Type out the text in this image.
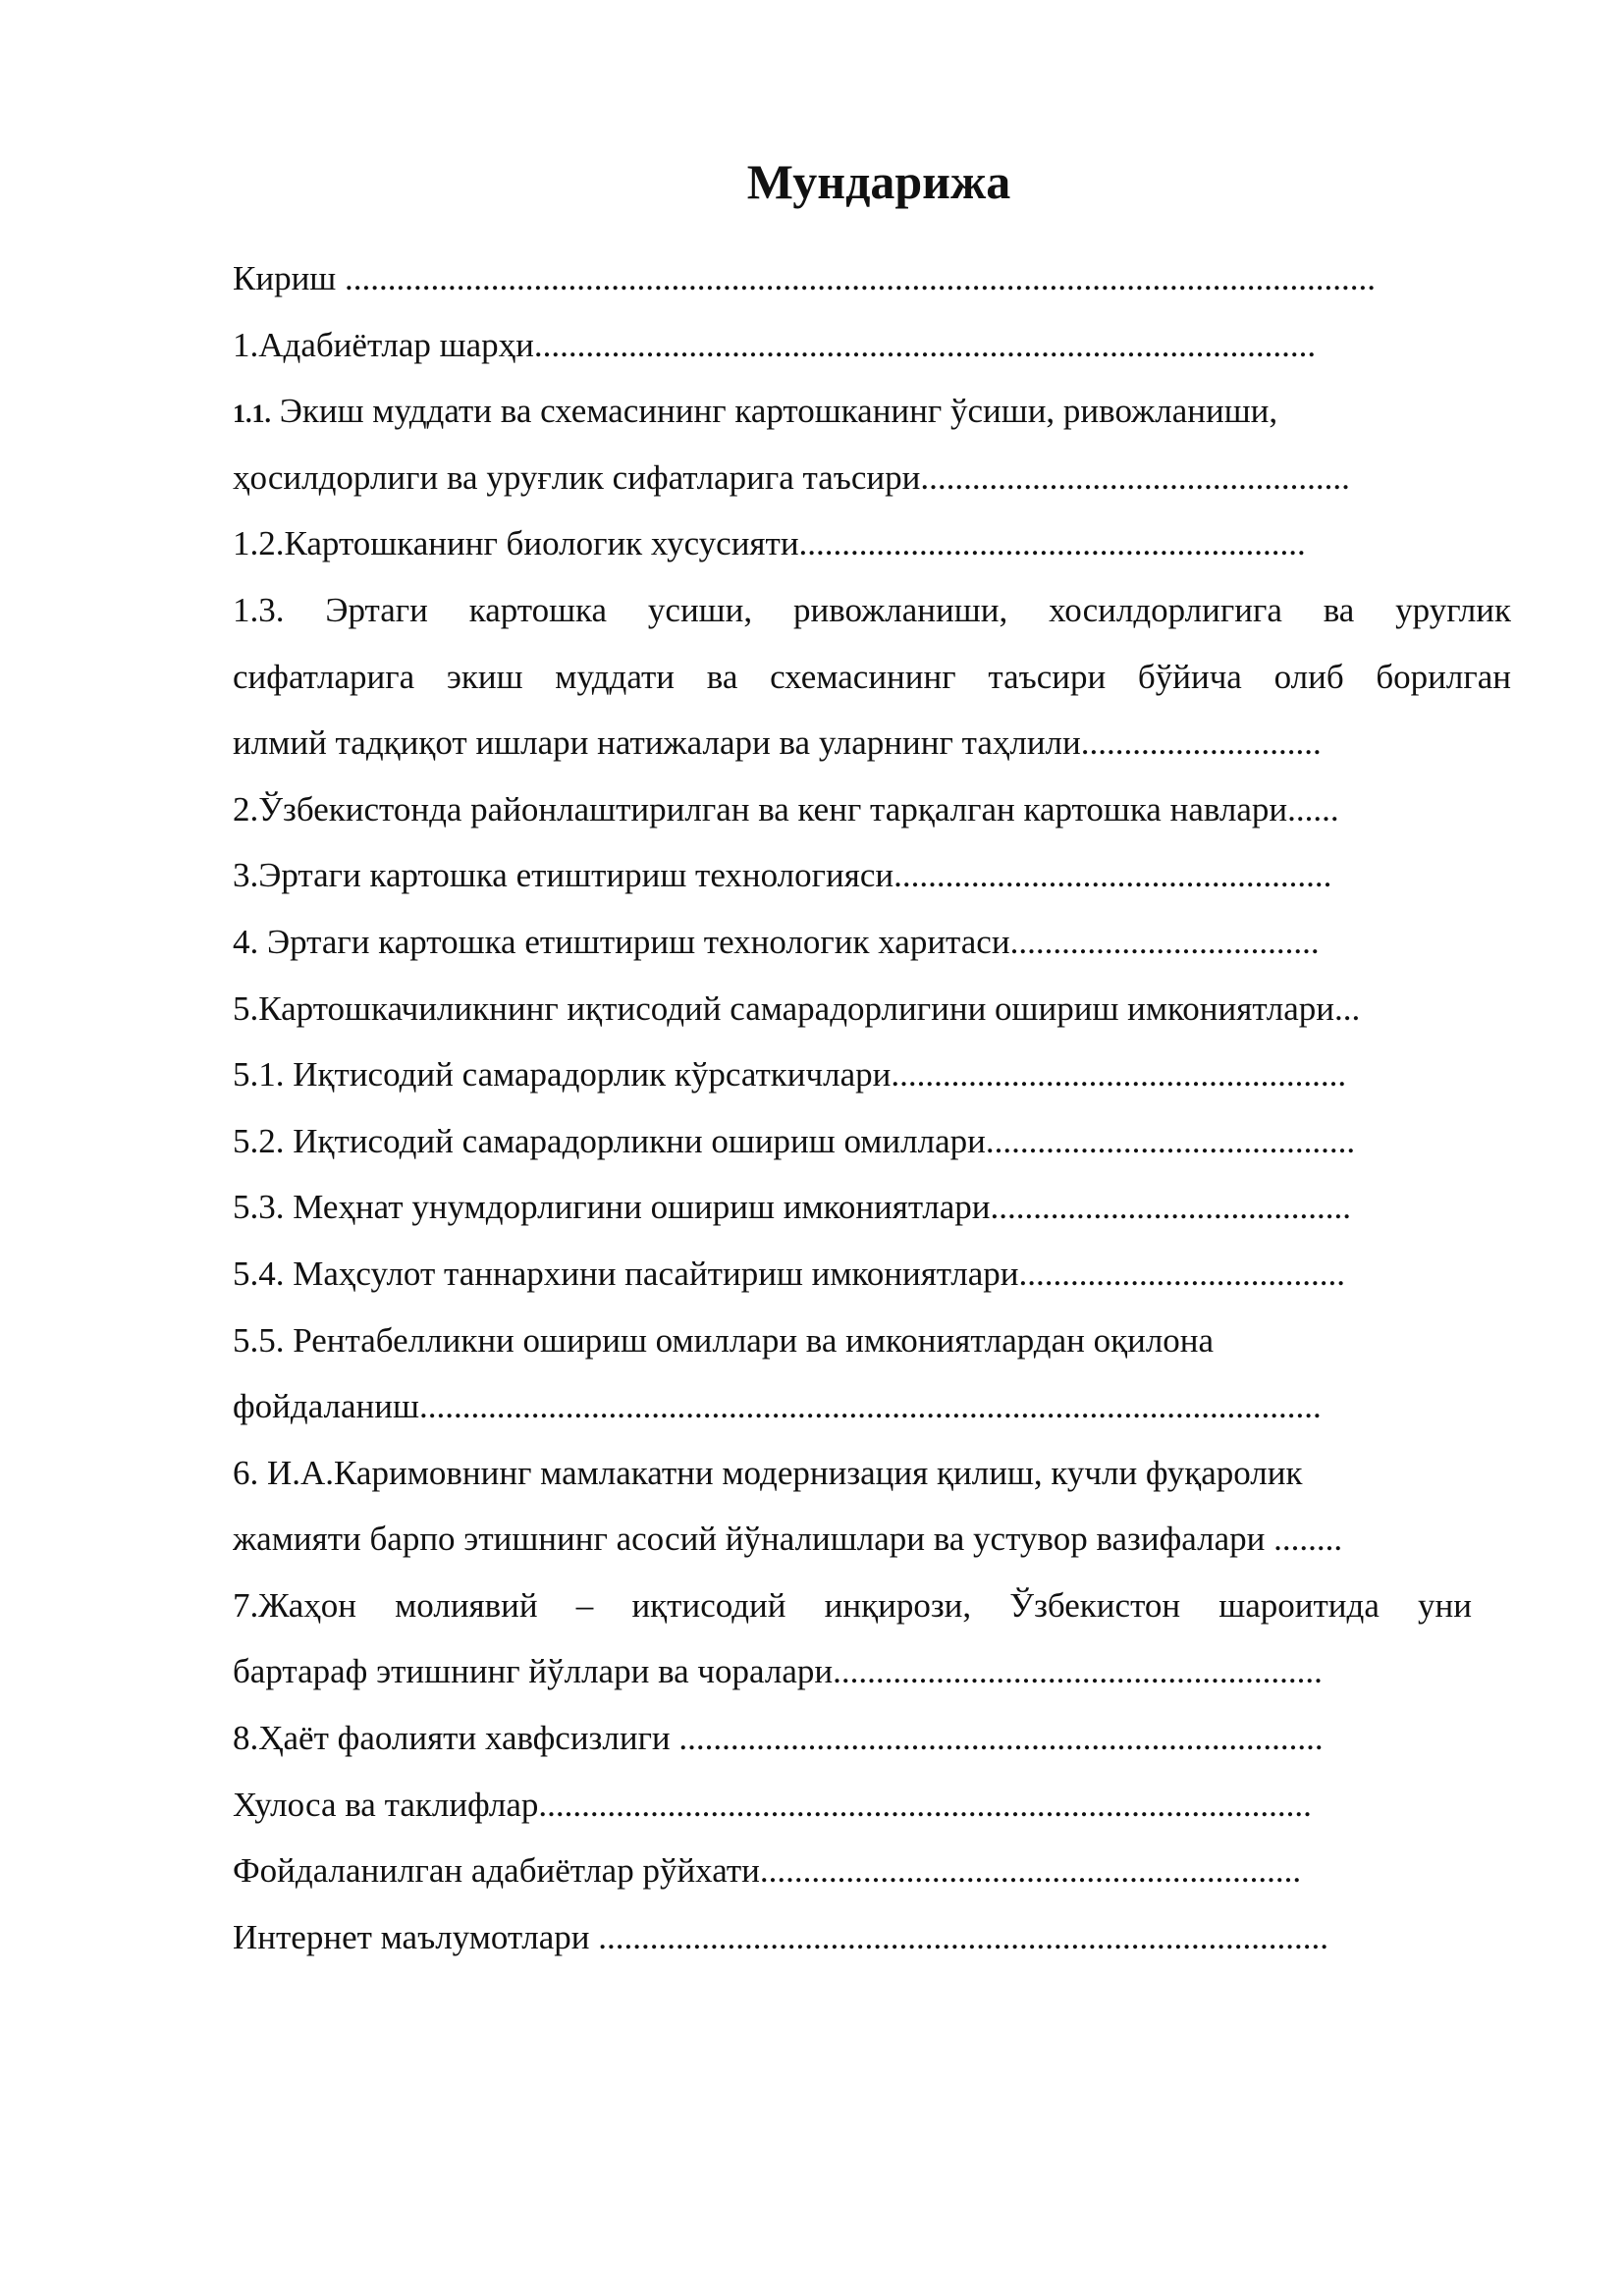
Мундарижа
Кириш ........................................................................................................................
1.Адабиётлар шарҳи...........................................................................................
1.1. Экиш муддати ва схемасининг картошканинг ўсиши, ривожланиши,
ҳосилдорлиги ва уруғлик сифатларига таъсири..................................................
1.2.Картошканинг биологик хусусияти...........................................................
1.3. Эртаги картошка усиши, ривожланиши, хосилдорлигига ва уруглик
сифатларига экиш муддати ва схемасининг таъсири бўйича олиб борилган
илмий тадқиқот ишлари натижалари ва уларнинг таҳлили............................
2.Ўзбекистонда районлаштирилган ва кенг тарқалган картошка навлари......
3.Эртаги картошка етиштириш технологияси...................................................
4. Эртаги картошка етиштириш технологик харитаси....................................
5.Картошкачиликнинг иқтисодий самарадорлигини ошириш имкониятлари...
5.1. Иқтисодий самарадорлик кўрсаткичлари.....................................................
5.2. Иқтисодий самарадорликни ошириш омиллари...........................................
5.3. Меҳнат унумдорлигини ошириш имкониятлари..........................................
5.4. Маҳсулот таннархини пасайтириш имкониятлари......................................
5.5. Рентабелликни ошириш омиллари ва имкониятлардан оқилона
фойдаланиш.........................................................................................................
6. И.А.Каримовнинг мамлакатни модернизация қилиш, кучли фуқаролик
жамияти барпо этишнинг асосий йўналишлари ва устувор вазифалари ........
7.Жаҳон молиявий – иқтисодий инқирози, Ўзбекистон шароитида уни
бартараф этишнинг йўллари ва чоралари.........................................................
8.Ҳаёт фаолияти хавфсизлиги ...........................................................................
Хулоса ва таклифлар..........................................................................................
Фойдаланилган адабиётлар рўйхати...............................................................
Интернет маълумотлари .....................................................................................
